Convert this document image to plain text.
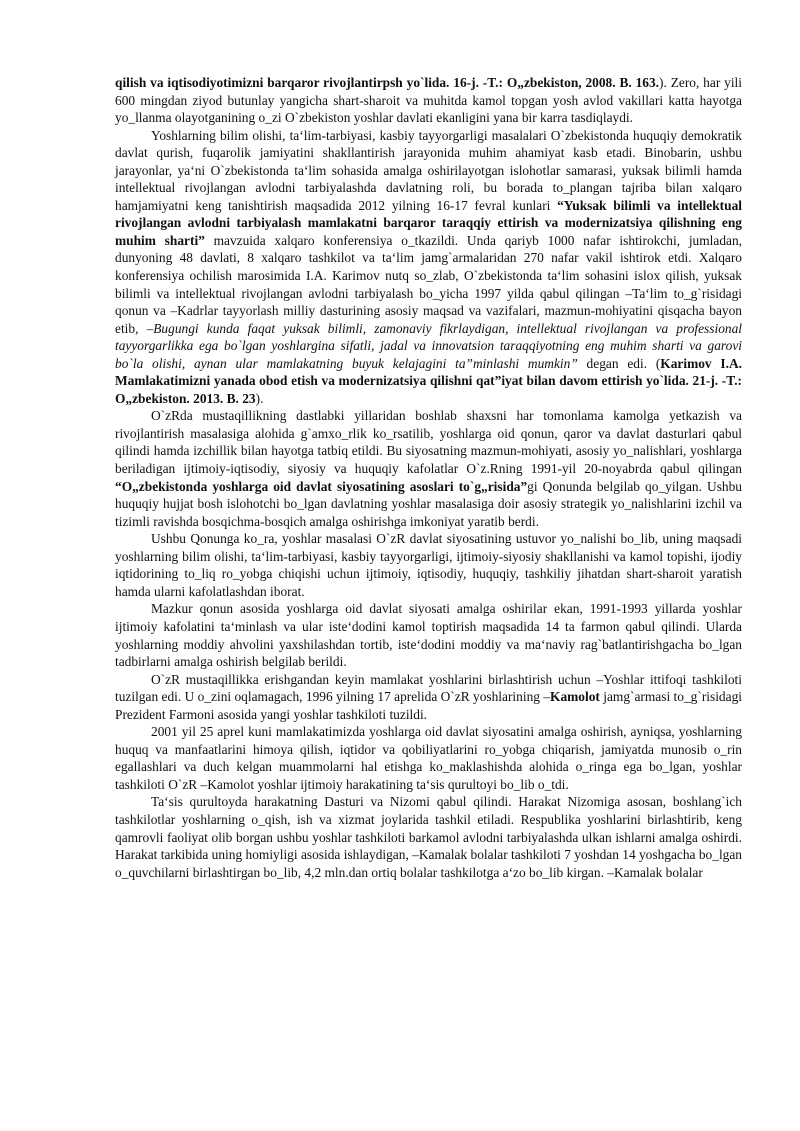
qilish va iqtisodiyotimizni barqaror rivojlantirpsh yo`lida. 16-j. -T.: O„zbekiston, 2008. B. 163.). Zero, har yili 600 mingdan ziyod butunlay yangicha shart-sharoit va muhitda kamol topgan yosh avlod vakillari katta hayotga yo_llanma olayotganining o_zi O`zbekiston yoshlar davlati ekanligini yana bir karra tasdiqlaydi.

Yoshlarning bilim olishi, ta‘lim-tarbiyasi, kasbiy tayyorgarligi masalalari O`zbekistonda huquqiy demokratik davlat qurish, fuqarolik jamiyatini shakllantirish jarayonida muhim ahamiyat kasb etadi. Binobarin, ushbu jarayonlar, ya‘ni O`zbekistonda ta‘lim sohasida amalga oshirilayotgan islohotlar samarasi, yuksak bilimli hamda intellektual rivojlangan avlodni tarbiyalashda davlatning roli, bu borada to_plangan tajriba bilan xalqaro hamjamiyatni keng tanishtirish maqsadida 2012 yilning 16-17 fevral kunlari “Yuksak bilimli va intellektual rivojlangan avlodni tarbiyalash mamlakatni barqaror taraqqiy ettirish va modernizatsiya qilishning eng muhim sharti” mavzuida xalqaro konferensiya o_tkazildi. Unda qariyb 1000 nafar ishtirokchi, jumladan, dunyoning 48 davlati, 8 xalqaro tashkilot va ta‘lim jamg`armalaridan 270 nafar vakil ishtirok etdi. Xalqaro konferensiya ochilish marosimida I.A. Karimov nutq so_zlab, O`zbekistonda ta‘lim sohasini islox qilish, yuksak bilimli va intellektual rivojlangan avlodni tarbiyalash bo_yicha 1997 yilda qabul qilingan –Ta‘lim to_g`risidagi qonun va –Kadrlar tayyorlash milliy dasturining asosiy maqsad va vazifalari, mazmun-mohiyatini qisqacha bayon etib, –Bugungi kunda faqat yuksak bilimli, zamonaviy fikrlaydigan, intellektual rivojlangan va professional tayyorgarlikka ega bo`lgan yoshlargina sifatli, jadal va innovatsion taraqqiyotning eng muhim sharti va garovi bo`la olishi, aynan ular mamlakatning buyuk kelajagini ta”minlashi mumkin” degan edi. (Karimov I.A. Mamlakatimizni yanada obod etish va modernizatsiya qilishni qat”iyat bilan davom ettirish yo`lida. 21-j. -T.: O„zbekiston. 2013. B. 23).

O`zRda mustaqillikning dastlabki yillaridan boshlab shaxsni har tomonlama kamolga yetkazish va rivojlantirish masalasiga alohida g`amxo_rlik ko_rsatilib, yoshlarga oid qonun, qaror va davlat dasturlari qabul qilindi hamda izchillik bilan hayotga tatbiq etildi. Bu siyosatning mazmun-mohiyati, asosiy yo_nalishlari, yoshlarga beriladigan ijtimoiy-iqtisodiy, siyosiy va huquqiy kafolatlar O`z.Rning 1991-yil 20-noyabrda qabul qilingan “O„zbekistonda yoshlarga oid davlat siyosatining asoslari to`g„risida”gi Qonunda belgilab qo_yilgan. Ushbu huquqiy hujjat bosh islohotchi bo_lgan davlatning yoshlar masalasiga doir asosiy strategik yo_nalishlarini izchil va tizimli ravishda bosqichma-bosqich amalga oshirishga imkoniyat yaratib berdi.

Ushbu Qonunga ko_ra, yoshlar masalasi O`zR davlat siyosatining ustuvor yo_nalishi bo_lib, uning maqsadi yoshlarning bilim olishi, ta‘lim-tarbiyasi, kasbiy tayyorgarligi, ijtimoiy-siyosiy shakllanishi va kamol topishi, ijodiy iqtidorining to_liq ro_yobga chiqishi uchun ijtimoiy, iqtisodiy, huquqiy, tashkiliy jihatdan shart-sharoit yaratish hamda ularni kafolatlashdan iborat.

Mazkur qonun asosida yoshlarga oid davlat siyosati amalga oshirilar ekan, 1991-1993 yillarda yoshlar ijtimoiy kafolatini ta‘minlash va ular iste‘dodini kamol toptirish maqsadida 14 ta farmon qabul qilindi. Ularda yoshlarning moddiy ahvolini yaxshilashdan tortib, iste‘dodini moddiy va ma‘naviy rag`batlantirishgacha bo_lgan tadbirlarni amalga oshirish belgilab berildi.

O`zR mustaqillikka erishgandan keyin mamlakat yoshlarini birlashtirish uchun –Yoshlar ittifoqi tashkiloti tuzilgan edi. U o_zini oqlamagach, 1996 yilning 17 aprelida O`zR yoshlarining –Kamolot jamg`armasi to_g`risidagi Prezident Farmoni asosida yangi yoshlar tashkiloti tuzildi.

2001 yil 25 aprel kuni mamlakatimizda yoshlarga oid davlat siyosatini amalga oshirish, ayniqsa, yoshlarning huquq va manfaatlarini himoya qilish, iqtidor va qobiliyatlarini ro_yobga chiqarish, jamiyatda munosib o_rin egallashlari va duch kelgan muammolarni hal etishga ko_maklashishda alohida o_ringa ega bo_lgan, yoshlar tashkiloti O`zR –Kamolot yoshlar ijtimoiy harakatining ta‘sis qurultoyi bo_lib o_tdi.

Ta‘sis qurultoyda harakatning Dasturi va Nizomi qabul qilindi. Harakat Nizomiga asosan, boshlang`ich tashkilotlar yoshlarning o_qish, ish va xizmat joylarida tashkil etiladi. Respublika yoshlarini birlashtirib, keng qamrovli faoliyat olib borgan ushbu yoshlar tashkiloti barkamol avlodni tarbiyalashda ulkan ishlarni amalga oshirdi. Harakat tarkibida uning homiyligi asosida ishlaydigan, –Kamalak bolalar tashkiloti 7 yoshdan 14 yoshgacha bo_lgan o_quvchilarni birlashtirgan bo_lib, 4,2 mln.dan ortiq bolalar tashkilotga a‘zo bo_lib kirgan. –Kamalak bolalar
